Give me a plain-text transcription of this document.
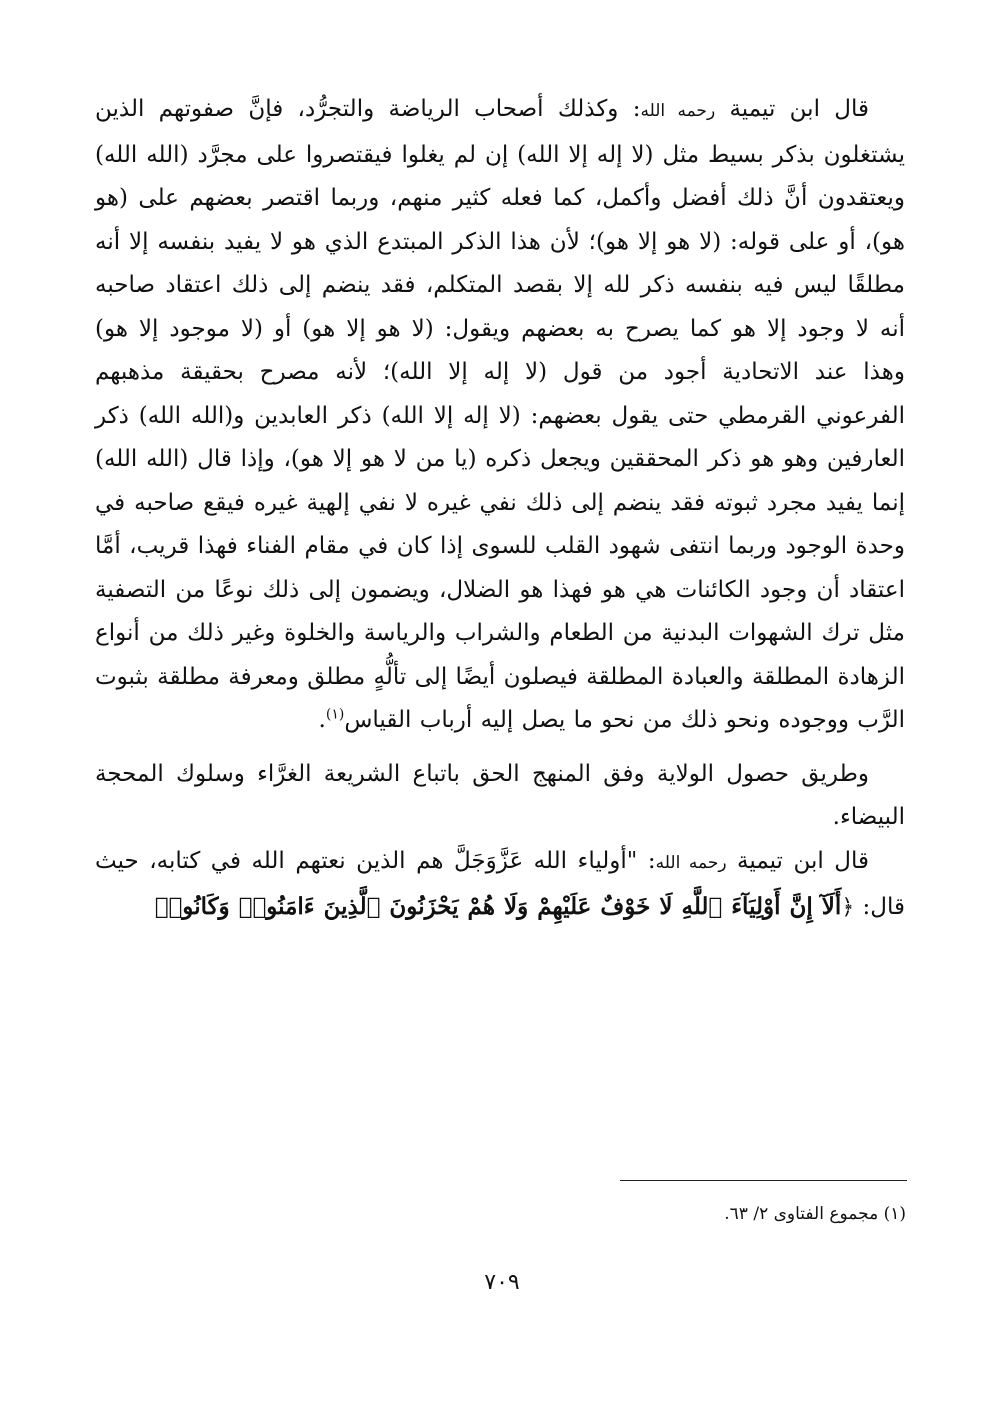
قال ابن تيمية رحمه الله: وكذلك أصحاب الرياضة والتجرُّد، فإنَّ صفوتهم الذين يشتغلون بذكر بسيط مثل (لا إله إلا الله) إن لم يغلوا فيقتصروا على مجرَّد (الله الله) ويعتقدون أنَّ ذلك أفضل وأكمل، كما فعله كثير منهم، وربما اقتصر بعضهم على (هو هو)، أو على قوله: (لا هو إلا هو)؛ لأن هذا الذكر المبتدع الذي هو لا يفيد بنفسه إلا أنه مطلقًا ليس فيه بنفسه ذكر لله إلا بقصد المتكلم، فقد ينضم إلى ذلك اعتقاد صاحبه أنه لا وجود إلا هو كما يصرح به بعضهم ويقول: (لا هو إلا هو) أو (لا موجود إلا هو) وهذا عند الاتحادية أجود من قول (لا إله إلا الله)؛ لأنه مصرح بحقيقة مذهبهم الفرعوني القرمطي حتى يقول بعضهم: (لا إله إلا الله) ذكر العابدين و(الله الله) ذكر العارفين وهو هو ذكر المحققين ويجعل ذكره (يا من لا هو إلا هو)، وإذا قال (الله الله) إنما يفيد مجرد ثبوته فقد ينضم إلى ذلك نفي غيره لا نفي إلهية غيره فيقع صاحبه في وحدة الوجود وربما انتفى شهود القلب للسوى إذا كان في مقام الفناء فهذا قريب، أمَّا اعتقاد أن وجود الكائنات هي هو فهذا هو الضلال، ويضمون إلى ذلك نوعًا من التصفية مثل ترك الشهوات البدنية من الطعام والشراب والرياسة والخلوة وغير ذلك من أنواع الزهادة المطلقة والعبادة المطلقة فيصلون أيضًا إلى تألُّهٍ مطلق ومعرفة مطلقة بثبوت الرَّب ووجوده ونحو ذلك من نحو ما يصل إليه أرباب القياس$^{(١)}$.

وطريق حصول الولاية وفق المنهج الحق باتباع الشريعة الغرَّاء وسلوك المحجة البيضاء.

قال ابن تيمية رحمه الله: "أولياء الله عَزَّوَجَلَّ هم الذين نعتهم الله في كتابه، حيث قال: ﴿أَلَآ إِنَّ أَوْلِيَآءَ ٱللَّهِ لَا خَوْفٌ عَلَيْهِمْ وَلَا هُمْ يَحْزَنُونَ ٱلَّذِينَ ءَامَنُوا۟ وَكَانُوا۟

(١) مجموع الفتاوى ٢/ ٦٣.
٧٠٩
